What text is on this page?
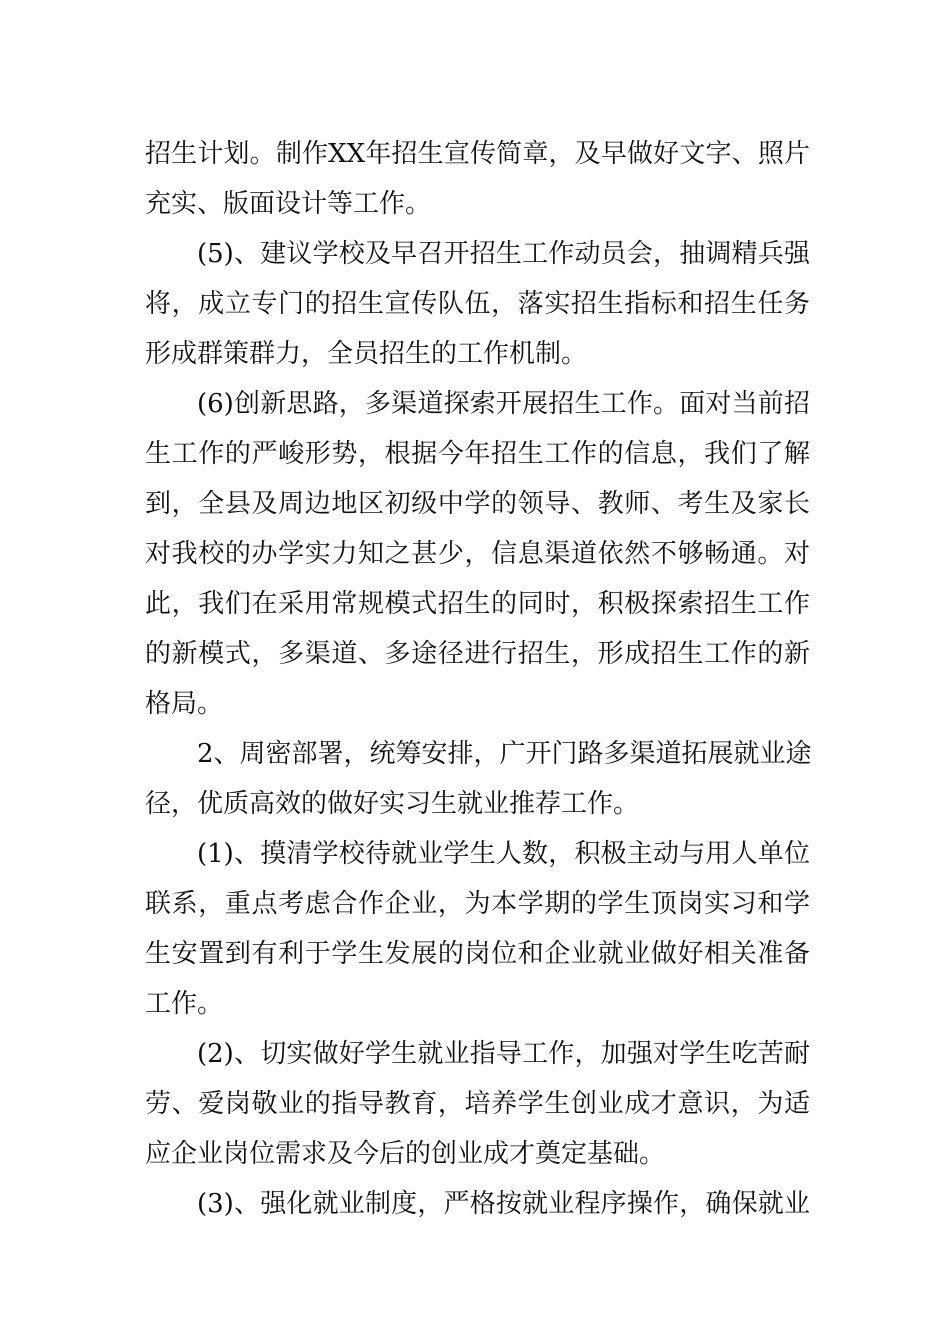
招生计划。制作XX年招生宣传简章，及早做好文字、照片
充实、版面设计等工作。
(5)、建议学校及早召开招生工作动员会，抽调精兵强
将，成立专门的招生宣传队伍，落实招生指标和招生任务
形成群策群力，全员招生的工作机制。
(6)创新思路，多渠道探索开展招生工作。面对当前招
生工作的严峻形势，根据今年招生工作的信息，我们了解
到，全县及周边地区初级中学的领导、教师、考生及家长
对我校的办学实力知之甚少，信息渠道依然不够畅通。对
此，我们在采用常规模式招生的同时，积极探索招生工作
的新模式，多渠道、多途径进行招生，形成招生工作的新
格局。
2、周密部署，统筹安排，广开门路多渠道拓展就业途
径，优质高效的做好实习生就业推荐工作。
(1)、摸清学校待就业学生人数，积极主动与用人单位
联系，重点考虑合作企业，为本学期的学生顶岗实习和学
生安置到有利于学生发展的岗位和企业就业做好相关准备
工作。
(2)、切实做好学生就业指导工作，加强对学生吃苦耐
劳、爱岗敬业的指导教育，培养学生创业成才意识，为适
应企业岗位需求及今后的创业成才奠定基础。
(3)、强化就业制度，严格按就业程序操作，确保就业
